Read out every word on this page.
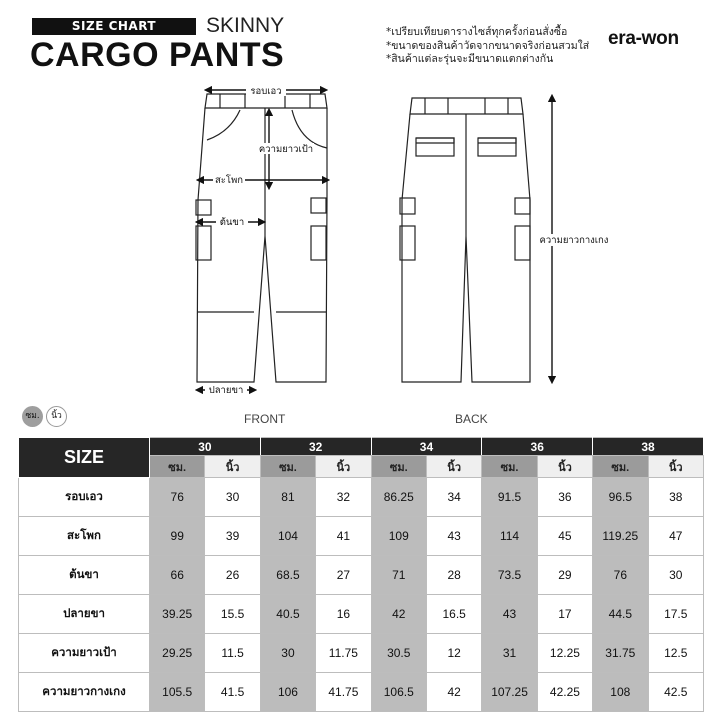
SIZE CHART	SKINNY
CARGO PANTS
*เปรียบเทียบตารางไซส์ทุกครั้งก่อนสั่งซื้อ
*ขนาดของสินค้าวัดจากขนาดจริงก่อนสวมใส่
*สินค้าแต่ละรุ่นจะมีขนาดแตกต่างกัน
era-won
รอบเอว
ความยาวเป้า
สะโพก
ต้นขา
ปลายขา
ความยาวกางเกง
ซม.	นิ้ว	FRONT	BACK
SIZE	30		32		34		36		38	
	ซม.	นิ้ว	ซม.	นิ้ว	ซม.	นิ้ว	ซม.	นิ้ว	ซม.	นิ้ว
รอบเอว	76	30	81	32	86.25	34	91.5	36	96.5	38
สะโพก	99	39	104	41	109	43	114	45	119.25	47
ต้นขา	66	26	68.5	27	71	28	73.5	29	76	30
ปลายขา	39.25	15.5	40.5	16	42	16.5	43	17	44.5	17.5
ความยาวเป้า	29.25	11.5	30	11.75	30.5	12	31	12.25	31.75	12.5
ความยาวกางเกง	105.5	41.5	106	41.75	106.5	42	107.25	42.25	108	42.5
